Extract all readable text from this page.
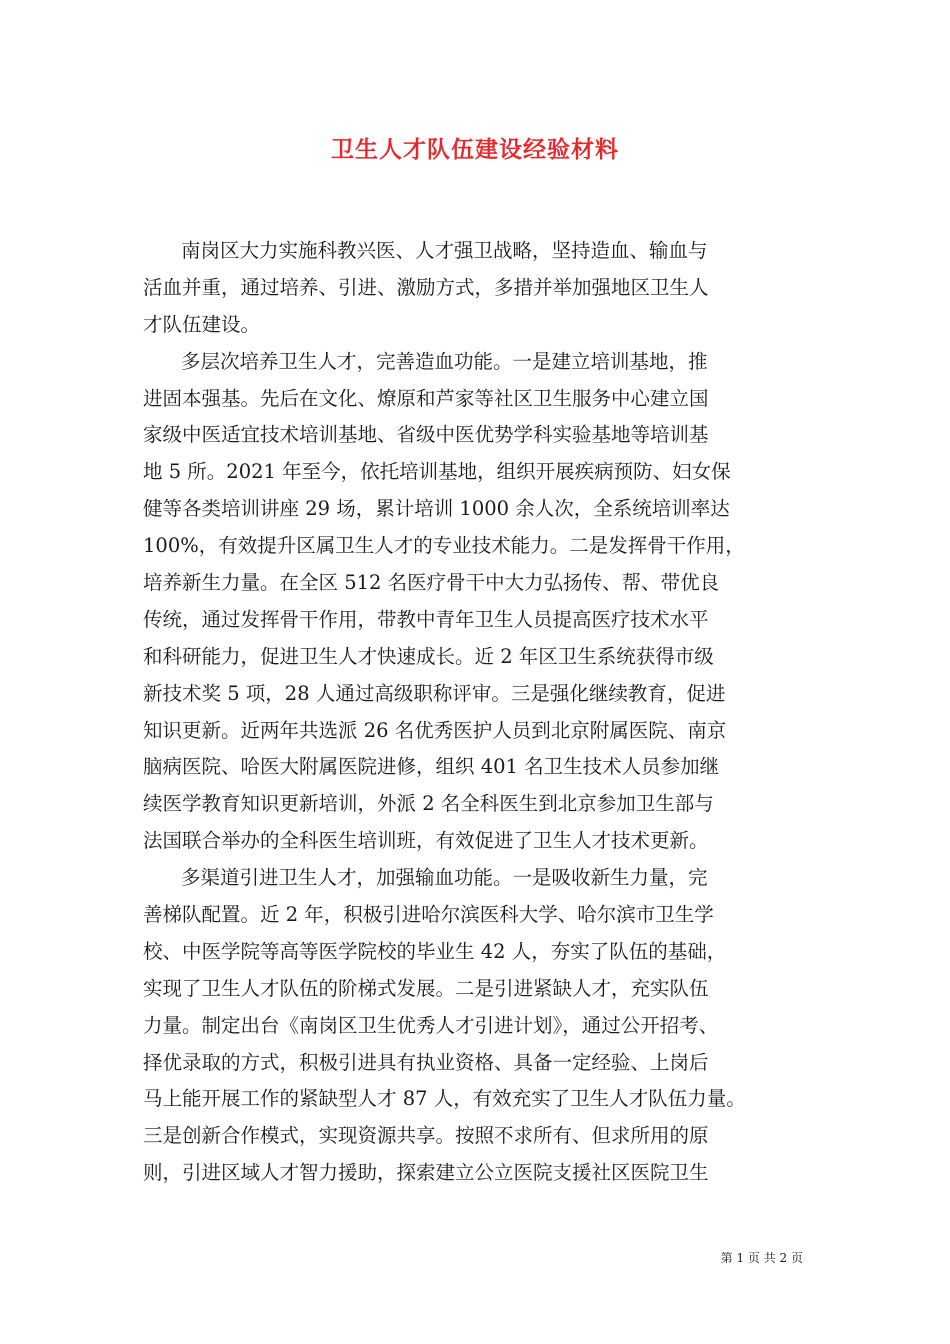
卫生人才队伍建设经验材料
南岗区大力实施科教兴医、人才强卫战略，坚持造血、输血与
活血并重，通过培养、引进、激励方式，多措并举加强地区卫生人
才队伍建设。
多层次培养卫生人才，完善造血功能。一是建立培训基地，推
进固本强基。先后在文化、燎原和芦家等社区卫生服务中心建立国
家级中医适宜技术培训基地、省级中医优势学科实验基地等培训基
地 5 所。2021 年至今，依托培训基地，组织开展疾病预防、妇女保
健等各类培训讲座 29 场，累计培训 1000 余人次，全系统培训率达
100%，有效提升区属卫生人才的专业技术能力。二是发挥骨干作用，
培养新生力量。在全区 512 名医疗骨干中大力弘扬传、帮、带优良
传统，通过发挥骨干作用，带教中青年卫生人员提高医疗技术水平
和科研能力，促进卫生人才快速成长。近 2 年区卫生系统获得市级
新技术奖 5 项，28 人通过高级职称评审。三是强化继续教育，促进
知识更新。近两年共选派 26 名优秀医护人员到北京附属医院、南京
脑病医院、哈医大附属医院进修，组织 401 名卫生技术人员参加继
续医学教育知识更新培训，外派 2 名全科医生到北京参加卫生部与
法国联合举办的全科医生培训班，有效促进了卫生人才技术更新。
多渠道引进卫生人才，加强输血功能。一是吸收新生力量，完
善梯队配置。近 2 年，积极引进哈尔滨医科大学、哈尔滨市卫生学
校、中医学院等高等医学院校的毕业生 42 人，夯实了队伍的基础，
实现了卫生人才队伍的阶梯式发展。二是引进紧缺人才，充实队伍
力量。制定出台《南岗区卫生优秀人才引进计划》，通过公开招考、
择优录取的方式，积极引进具有执业资格、具备一定经验、上岗后
马上能开展工作的紧缺型人才 87 人，有效充实了卫生人才队伍力量。
三是创新合作模式，实现资源共享。按照不求所有、但求所用的原
则，引进区域人才智力援助，探索建立公立医院支援社区医院卫生
第 1 页 共 2 页
